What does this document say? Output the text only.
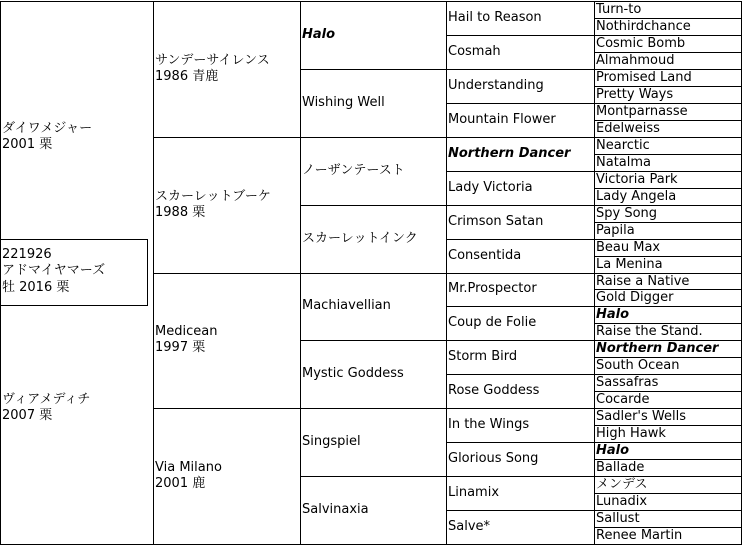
Turn-to
Nothirdchance
Cosmic Bomb
Almahmoud
Promised Land
Pretty Ways
Montparnasse
Edelweiss
Nearctic
Natalma
Victoria Park
Lady Angela
Spy Song
Papila
Beau Max
La Menina
Raise a Native
Gold Digger
Halo
Raise the Stand.
Northern Dancer
South Ocean
Sassafras
Cocarde
Sadler's Wells
High Hawk
Halo
Ballade
メンデス
Lunadix
Sallust
Renee Martin
Hail to Reason
Cosmah
Understanding
Mountain Flower
Northern Dancer
Lady Victoria
Crimson Satan
Consentida
Mr.Prospector
Coup de Folie
Storm Bird
Rose Goddess
In the Wings
Glorious Song
Linamix
Salve*
Halo
Wishing Well
ノーザンテースト
スカーレットインク
Machiavellian
Mystic Goddess
Singspiel
Salvinaxia
サンデーサイレンス
1986 青鹿
スカーレットブーケ
1988 栗
Medicean
1997 栗
Via Milano
2001 鹿
ダイワメジャー
2001 栗
ヴィアメディチ
2007 栗
221926
アドマイヤマーズ
牡 2016 栗
